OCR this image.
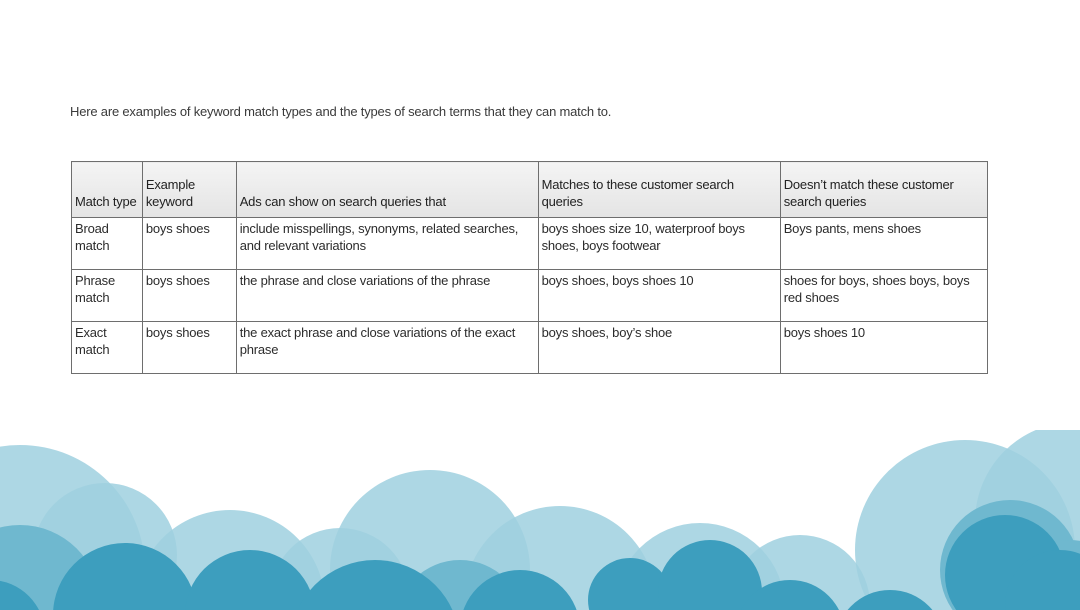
Here are examples of keyword match types and the types of search terms that they can match to.
Match type	Example keyword	Ads can show on search queries that	Matches to these customer search queries	Doesn’t match these customer search queries
Broad match	boys shoes	include misspellings, synonyms, related searches, and relevant variations	boys shoes size 10, waterproof boys shoes, boys footwear	Boys pants, mens shoes
Phrase match	boys shoes	the phrase and close variations of the phrase	boys shoes, boys shoes 10	shoes for boys, shoes boys, boys red shoes
Exact match	boys shoes	the exact phrase and close variations of the exact phrase	boys shoes, boy’s shoe	boys shoes 10
